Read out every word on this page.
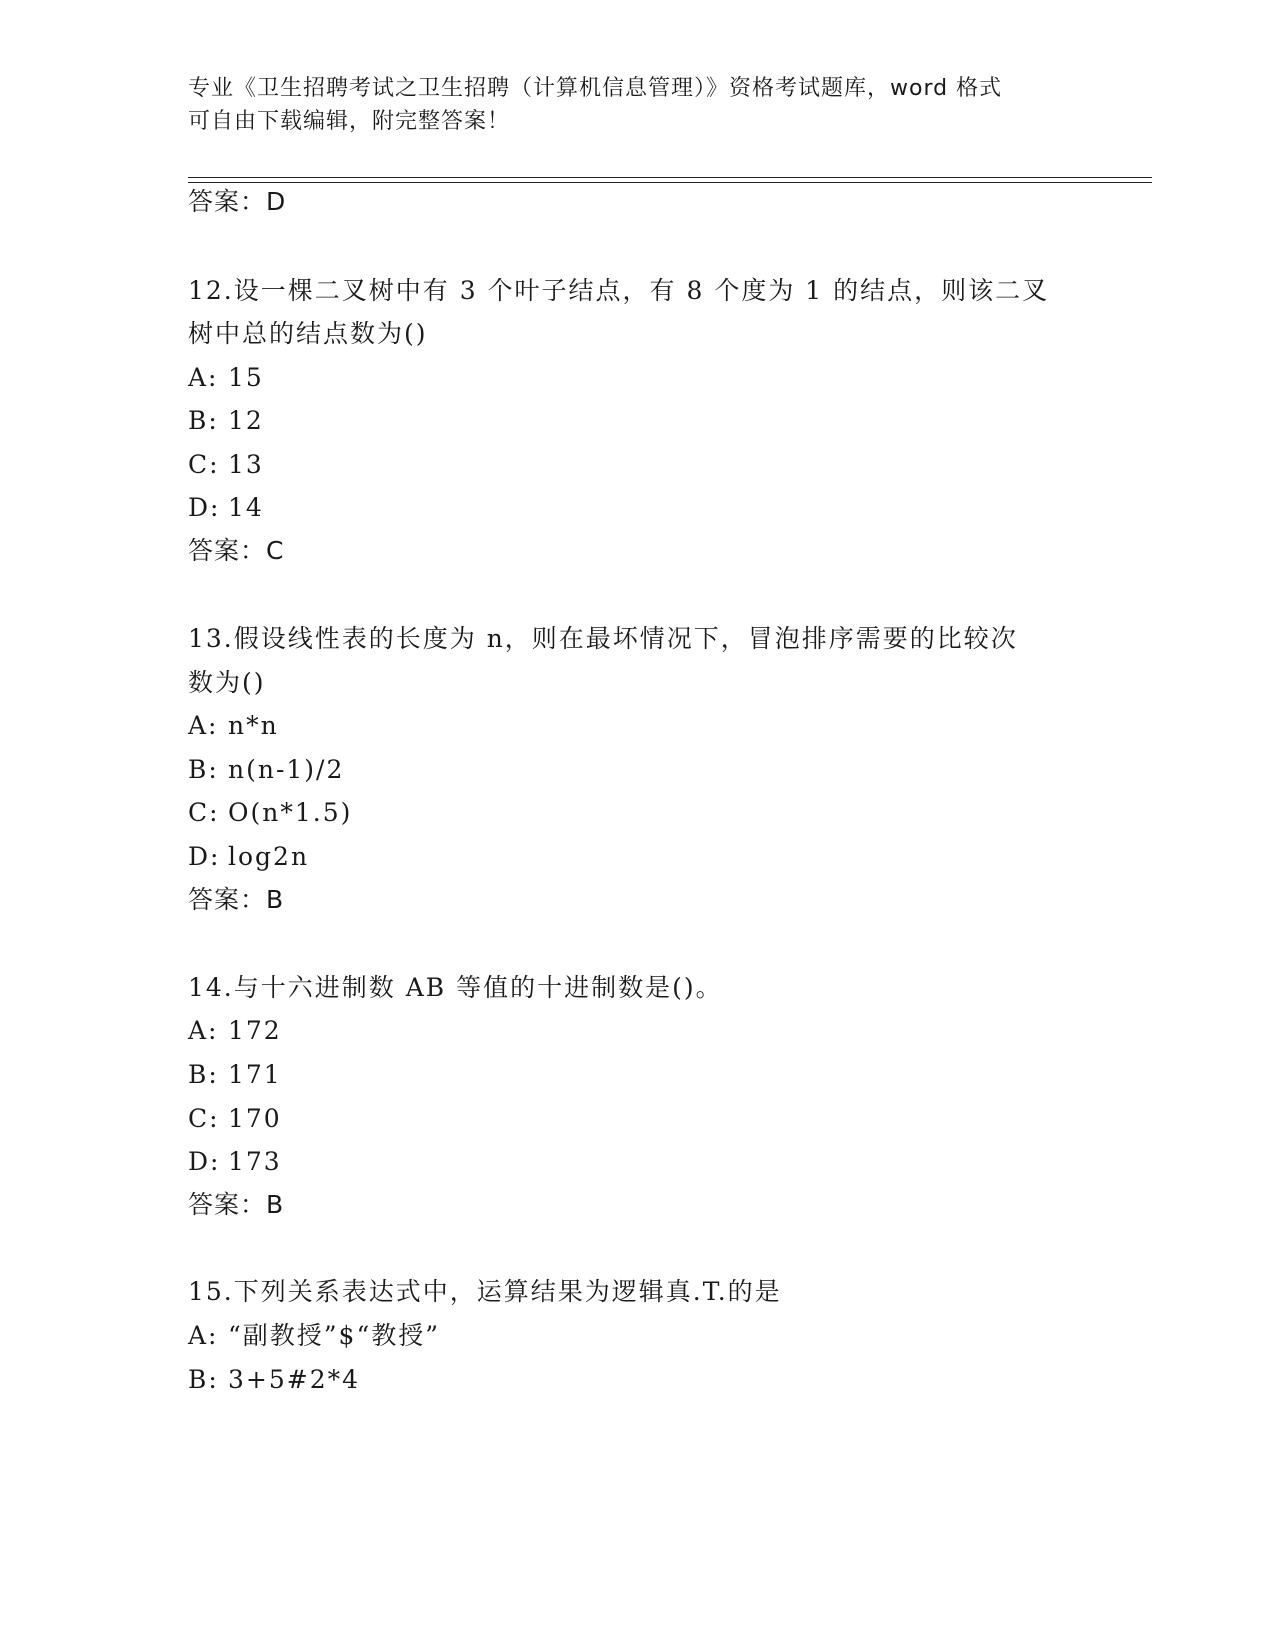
专业《卫生招聘考试之卫生招聘（计算机信息管理）》资格考试题库，word 格式
可自由下载编辑，附完整答案！
答案：D
12.设一棵二叉树中有 3 个叶子结点，有 8 个度为 1 的结点，则该二叉
树中总的结点数为()
A: 15
B: 12
C: 13
D: 14
答案：C
13.假设线性表的长度为 n，则在最坏情况下，冒泡排序需要的比较次
数为()
A: n*n
B: n(n-1)/2
C: O(n*1.5)
D: log2n
答案：B
14.与十六进制数 AB 等值的十进制数是()。
A: 172
B: 171
C: 170
D: 173
答案：B
15.下列关系表达式中，运算结果为逻辑真.T.的是
A: “副教授”$“教授”
B: 3+5#2*4
